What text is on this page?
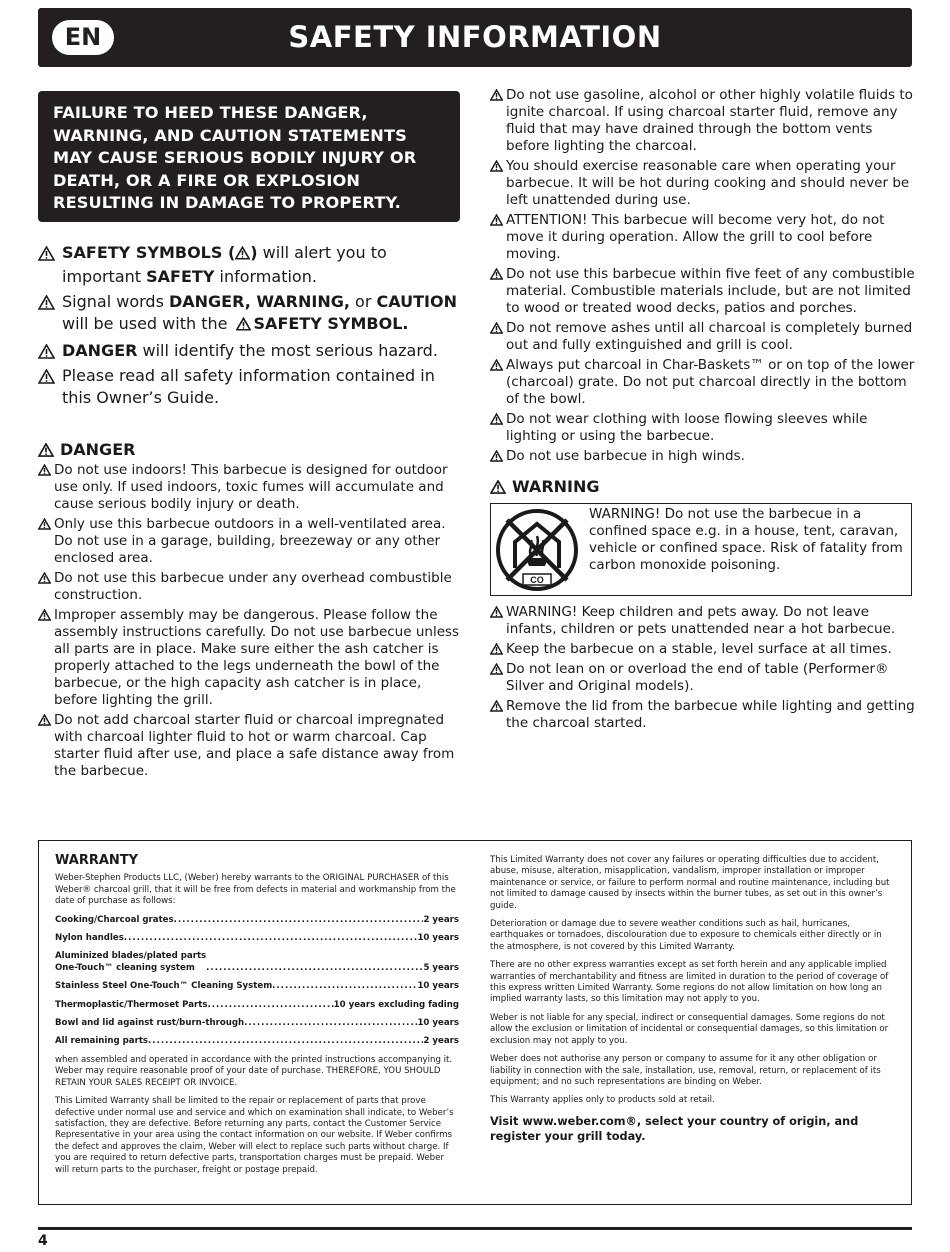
EN	SAFETY INFORMATION
FAILURE TO HEED THESE DANGER, WARNING, AND CAUTION STATEMENTS MAY CAUSE SERIOUS BODILY INJURY OR DEATH, OR A FIRE OR EXPLOSION RESULTING IN DAMAGE TO PROPERTY.
SAFETY SYMBOLS ( ) will alert you to important SAFETY information.
Signal words DANGER, WARNING, or CAUTION will be used with the SAFETY SYMBOL.
DANGER will identify the most serious hazard.
Please read all safety information contained in this Owner’s Guide.
DANGER
Do not use indoors! This barbecue is designed for outdoor use only. If used indoors, toxic fumes will accumulate and cause serious bodily injury or death.
Only use this barbecue outdoors in a well-ventilated area. Do not use in a garage, building, breezeway or any other enclosed area.
Do not use this barbecue under any overhead combustible construction.
Improper assembly may be dangerous. Please follow the assembly instructions carefully. Do not use barbecue unless all parts are in place. Make sure either the ash catcher is properly attached to the legs underneath the bowl of the barbecue, or the high capacity ash catcher is in place, before lighting the grill.
Do not add charcoal starter fluid or charcoal impregnated with charcoal lighter fluid to hot or warm charcoal. Cap starter fluid after use, and place a safe distance away from the barbecue.
Do not use gasoline, alcohol or other highly volatile fluids to ignite charcoal. If using charcoal starter fluid, remove any fluid that may have drained through the bottom vents before lighting the charcoal.
You should exercise reasonable care when operating your barbecue. It will be hot during cooking and should never be left unattended during use.
ATTENTION! This barbecue will become very hot, do not move it during operation. Allow the grill to cool before moving.
Do not use this barbecue within five feet of any combustible material. Combustible materials include, but are not limited to wood or treated wood decks, patios and porches.
Do not remove ashes until all charcoal is completely burned out and fully extinguished and grill is cool.
Always put charcoal in Char-Baskets™ or on top of the lower (charcoal) grate. Do not put charcoal directly in the bottom of the bowl.
Do not wear clothing with loose flowing sleeves while lighting or using the barbecue.
Do not use barbecue in high winds.
WARNING
CO
WARNING! Do not use the barbecue in a confined space e.g. in a house, tent, caravan, vehicle or confined space. Risk of fatality from carbon monoxide poisoning.
WARNING! Keep children and pets away. Do not leave infants, children or pets unattended near a hot barbecue.
Keep the barbecue on a stable, level surface at all times.
Do not lean on or overload the end of table (Performer® Silver and Original models).
Remove the lid from the barbecue while lighting and getting the charcoal started.
WARRANTY
Weber-Stephen Products LLC, (Weber) hereby warrants to the ORIGINAL PURCHASER of this Weber® charcoal grill, that it will be free from defects in material and workmanship from the date of purchase as follows:
Cooking/Charcoal grates .....	2 years
Nylon handles .....	10 years
Aluminized blades/plated parts
One-Touch™ cleaning system .....	5 years
Stainless Steel One-Touch™ Cleaning System .....	10 years
Thermoplastic/Thermoset Parts .....	10 years excluding fading
Bowl and lid against rust/burn-through .....	10 years
All remaining parts .....	2 years
when assembled and operated in accordance with the printed instructions accompanying it. Weber may require reasonable proof of your date of purchase. THEREFORE, YOU SHOULD RETAIN YOUR SALES RECEIPT OR INVOICE.
This Limited Warranty shall be limited to the repair or replacement of parts that prove defective under normal use and service and which on examination shall indicate, to Weber’s satisfaction, they are defective. Before returning any parts, contact the Customer Service Representative in your area using the contact information on our website. If Weber confirms the defect and approves the claim, Weber will elect to replace such parts without charge. If you are required to return defective parts, transportation charges must be prepaid. Weber will return parts to the purchaser, freight or postage prepaid.
This Limited Warranty does not cover any failures or operating difficulties due to accident, abuse, misuse, alteration, misapplication, vandalism, improper installation or improper maintenance or service, or failure to perform normal and routine maintenance, including but not limited to damage caused by insects within the burner tubes, as set out in this owner’s guide.
Deterioration or damage due to severe weather conditions such as hail, hurricanes, earthquakes or tornadoes, discolouration due to exposure to chemicals either directly or in the atmosphere, is not covered by this Limited Warranty.
There are no other express warranties except as set forth herein and any applicable implied warranties of merchantability and fitness are limited in duration to the period of coverage of this express written Limited Warranty. Some regions do not allow limitation on how long an implied warranty lasts, so this limitation may not apply to you.
Weber is not liable for any special, indirect or consequential damages. Some regions do not allow the exclusion or limitation of incidental or consequential damages, so this limitation or exclusion may not apply to you.
Weber does not authorise any person or company to assume for it any other obligation or liability in connection with the sale, installation, use, removal, return, or replacement of its equipment; and no such representations are binding on Weber.
This Warranty applies only to products sold at retail.
Visit www.weber.com®, select your country of origin, and register your grill today.
4
